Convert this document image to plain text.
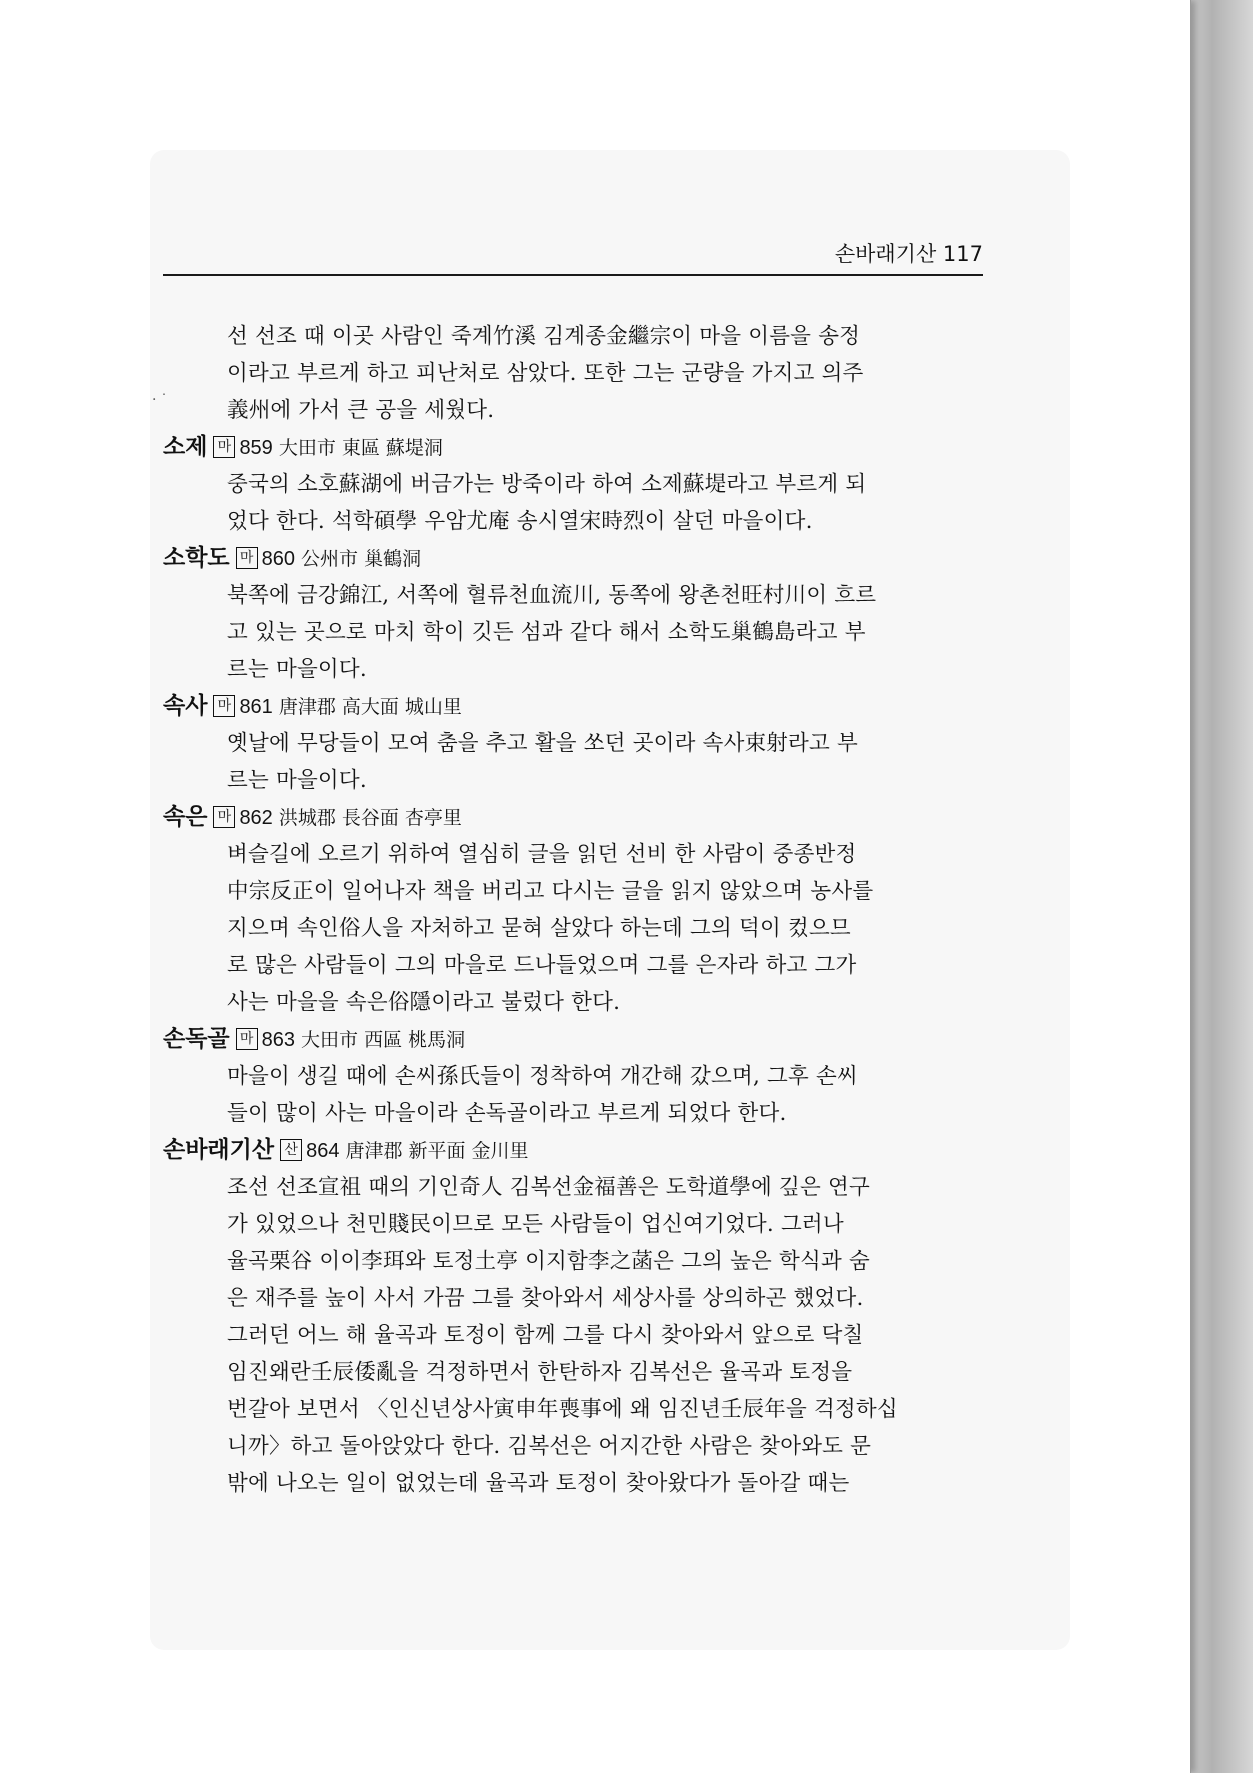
·˙
손바래기산 117
선 선조 때 이곳 사람인 죽계竹溪 김계종金繼宗이 마을 이름을 송정
이라고 부르게 하고 피난처로 삼았다. 또한 그는 군량을 가지고 의주
義州에 가서 큰 공을 세웠다.
소제 마 859 大田市 東區 蘇堤洞
중국의 소호蘇湖에 버금가는 방죽이라 하여 소제蘇堤라고 부르게 되
었다 한다. 석학碩學 우암尤庵 송시열宋時烈이 살던 마을이다.
소학도 마 860 公州市 巢鶴洞
북쪽에 금강錦江, 서쪽에 혈류천血流川, 동쪽에 왕촌천旺村川이 흐르
고 있는 곳으로 마치 학이 깃든 섬과 같다 해서 소학도巢鶴島라고 부
르는 마을이다.
속사 마 861 唐津郡 高大面 城山里
옛날에 무당들이 모여 춤을 추고 활을 쏘던 곳이라 속사束射라고 부
르는 마을이다.
속은 마 862 洪城郡 長谷面 杏亭里
벼슬길에 오르기 위하여 열심히 글을 읽던 선비 한 사람이 중종반정
中宗反正이 일어나자 책을 버리고 다시는 글을 읽지 않았으며 농사를
지으며 속인俗人을 자처하고 묻혀 살았다 하는데 그의 덕이 컸으므
로 많은 사람들이 그의 마을로 드나들었으며 그를 은자라 하고 그가
사는 마을을 속은俗隱이라고 불렀다 한다.
손독골 마 863 大田市 西區 桃馬洞
마을이 생길 때에 손씨孫氏들이 정착하여 개간해 갔으며, 그후 손씨
들이 많이 사는 마을이라 손독골이라고 부르게 되었다 한다.
손바래기산 산 864 唐津郡 新平面 金川里
조선 선조宣祖 때의 기인奇人 김복선金福善은 도학道學에 깊은 연구
가 있었으나 천민賤民이므로 모든 사람들이 업신여기었다. 그러나
율곡栗谷 이이李珥와 토정土亭 이지함李之菡은 그의 높은 학식과 숨
은 재주를 높이 사서 가끔 그를 찾아와서 세상사를 상의하곤 했었다.
그러던 어느 해 율곡과 토정이 함께 그를 다시 찾아와서 앞으로 닥칠
임진왜란壬辰倭亂을 걱정하면서 한탄하자 김복선은 율곡과 토정을
번갈아 보면서 〈인신년상사寅申年喪事에 왜 임진년壬辰年을 걱정하십
니까〉하고 돌아앉았다 한다. 김복선은 어지간한 사람은 찾아와도 문
밖에 나오는 일이 없었는데 율곡과 토정이 찾아왔다가 돌아갈 때는
